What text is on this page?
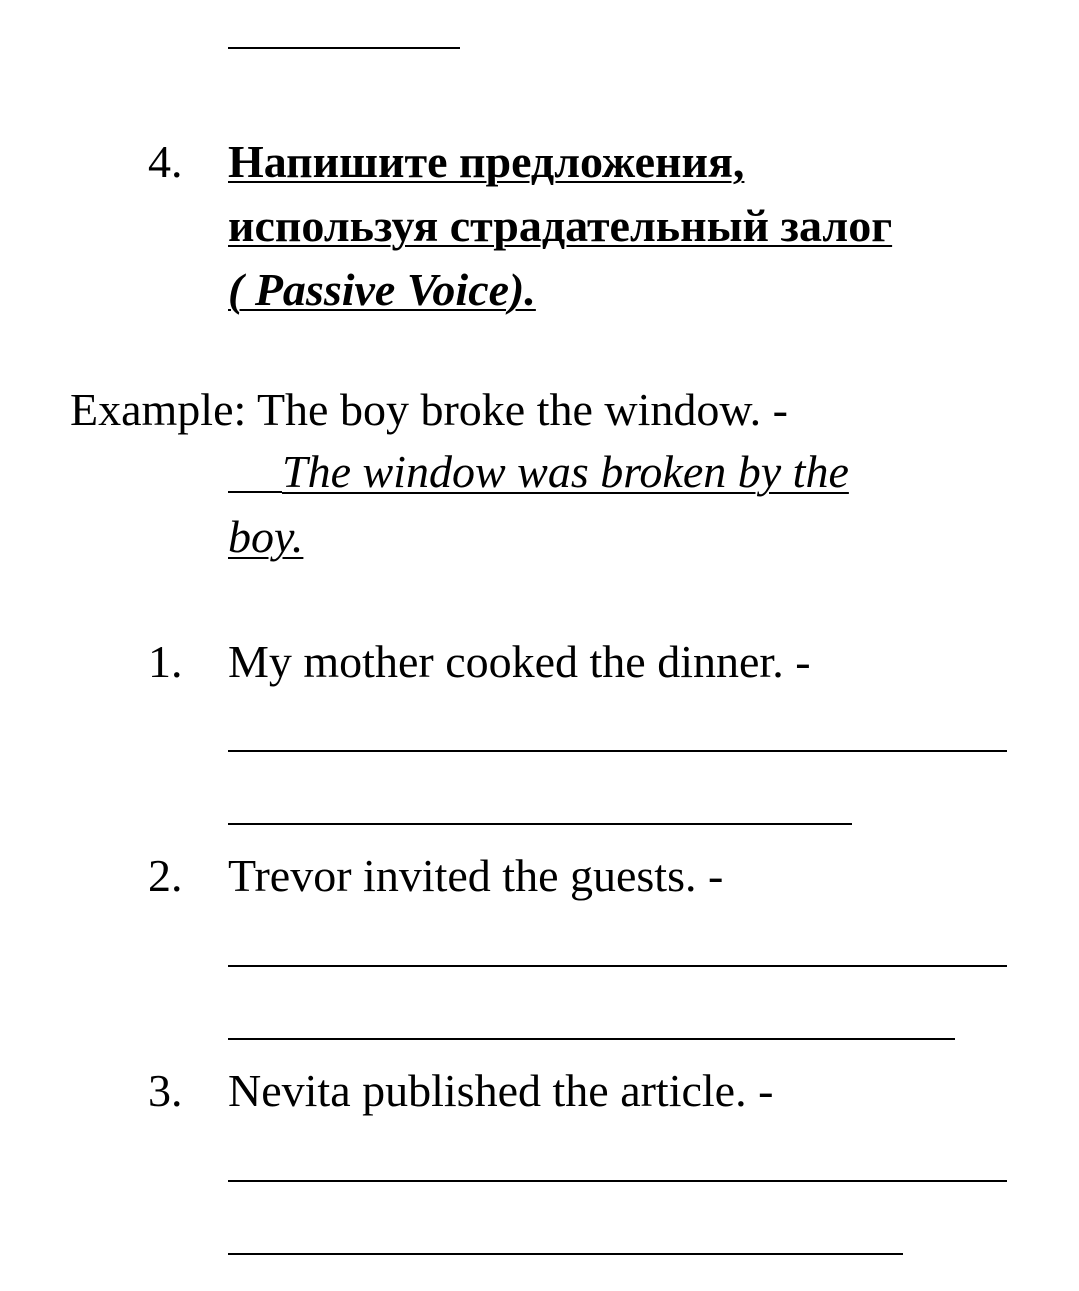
4. Напишите предложения,
используя страдательный залог
( Passive Voice).
Example: The boy broke the window. -
The window was broken by the
boy.
1. My mother cooked the dinner. -
2. Trevor invited the guests. -
3. Nevita published the article. -
